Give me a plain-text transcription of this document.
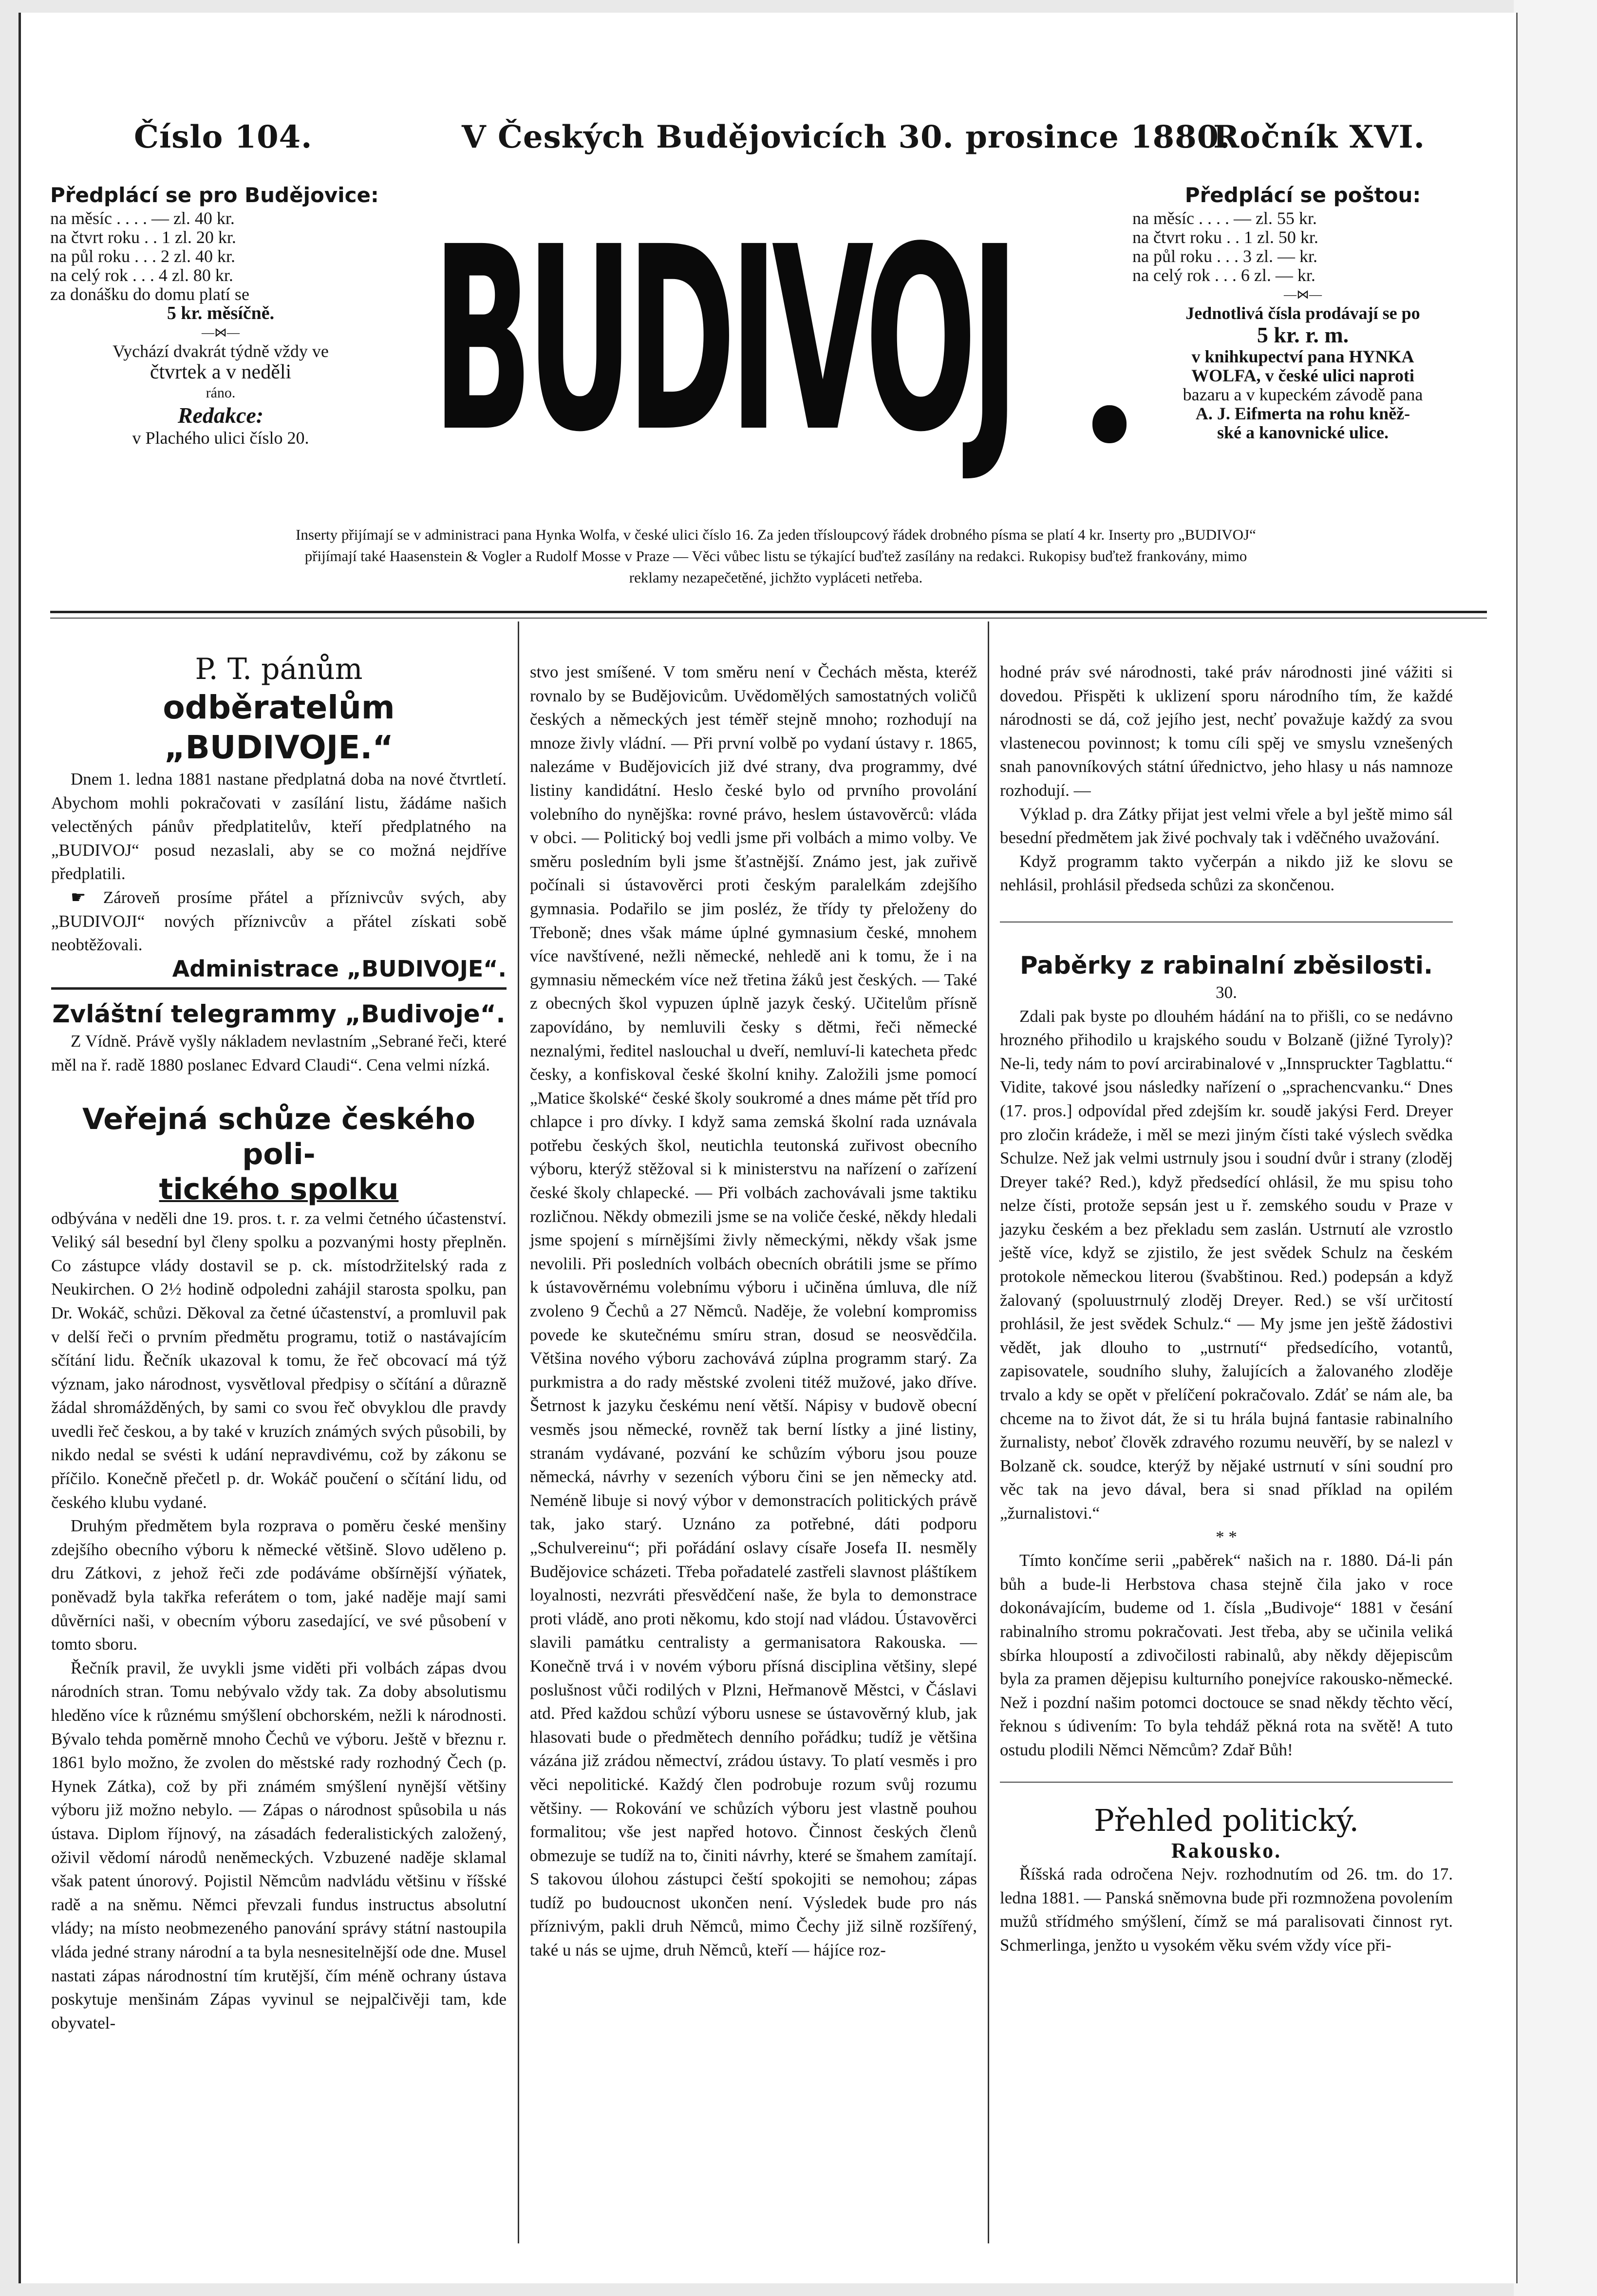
Číslo 104.	V Českých Budějovicích 30. prosince 1880.
Ročník XVI.
Předplácí se pro Budějovice:

na měsíc . . . . — zl. 40 kr.

na čtvrt roku . . 1 zl. 20 kr.

na půl roku . . . 2 zl. 40 kr.

na celý rok . . . 4 zl. 80 kr.

za donášku do domu platí se

5 kr. měsíčně.

—⋈—

Vychází dvakrát týdně vždy ve

čtvrtek a v neděli

ráno.

Redakce:

v Plachého ulici číslo 20. BUDIVOJ	Předplácí se poštou:

na měsíc . . . . — zl. 55 kr.

na čtvrt roku . . 1 zl. 50 kr.

na půl roku . . . 3 zl. — kr.

na celý rok . . . 6 zl. — kr.

—⋈—

Jednotlivá čísla prodávají se po

5 kr. r. m.

v knihkupectví pana HYNKA

WOLFA, v české ulici naproti

bazaru a v kupeckém závodě pana

A. J. Eifmerta na rohu kněž-

ské a kanovnické ulice.

Inserty přijímají se v administraci pana Hynka Wolfa, v české ulici číslo 16. Za jeden třísloupcový řádek drobného písma se platí 4 kr. Inserty pro „BUDIVOJ“
přijímají také Haasenstein & Vogler a Rudolf Mosse v Praze — Věci vůbec listu se týkající buďtež zasílány na redakci. Rukopisy buďtež frankovány, mimo
reklamy nezapečetěné, jichžto vypláceti netřeba.

P. T. pánům

odběratelům „BUDIVOJE.“

Dnem 1. ledna 1881 nastane předplatná doba na nové čtvrtletí. Abychom mohli pokračovati v zasílání listu, žádáme našich velectěných pánův předplatitelův, kteří předplatného na „BUDIVOJ“ posud nezaslali, aby se co možná nejdříve předplatili.

☛ Zároveň prosíme přátel a příznivcův svých, aby „BUDIVOJI“ nových příznivcův a přátel získati sobě neobtěžovali.

Administrace „BUDIVOJE“.

Zvláštní telegrammy „Budivoje“.

Z Vídně. Právě vyšly nákladem nevlastním „Sebrané řeči, které měl na ř. radě 1880 poslanec Edvard Claudi“. Cena velmi nízká.

Veřejná schůze českého poli-

tického spolku

odbývána v neděli dne 19. pros. t. r. za velmi četného účastenství. Veliký sál besední byl členy spolku a pozvanými hosty přeplněn. Co zástupce vlády dostavil se p. ck. místodržitelský rada z Neukirchen. O 2½ hodině odpoledni zahájil starosta spolku, pan Dr. Wokáč, schůzi. Děkoval za četné účastenství, a promluvil pak v delší řeči o prvním předmětu programu, totiž o nastávajícím sčítání lidu. Řečník ukazoval k tomu, že řeč obcovací má týž význam, jako národnost, vysvětloval předpisy o sčítání a důrazně žádal shromážděných, by sami co svou řeč obvyklou dle pravdy uvedli řeč českou, a by také v kruzích známých svých působili, by nikdo nedal se svésti k udání nepravdivému, což by zákonu se příčilo. Konečně přečetl p. dr. Wokáč poučení o sčítání lidu, od českého klubu vydané.

Druhým předmětem byla rozprava o poměru české menšiny zdejšího obecního výboru k německé většině. Slovo uděleno p. dru Zátkovi, z jehož řeči zde podáváme obšírnější výňatek, poněvadž byla takřka referátem o tom, jaké naděje mají sami důvěrníci naši, v obecním výboru zasedající, ve své působení v tomto sboru.

Řečník pravil, že uvykli jsme viděti při volbách zápas dvou národních stran. Tomu nebývalo vždy tak. Za doby absolutismu hleděno více k různému smýšlení obchorském, nežli k národnosti. Bývalo tehda poměrně mnoho Čechů ve výboru. Ještě v březnu r. 1861 bylo možno, že zvolen do městské rady rozhodný Čech (p. Hynek Zátka), což by při známém smýšlení nynější většiny výboru již možno nebylo. — Zápas o národnost spůsobila u nás ústava. Diplom říjnový, na zásadách federalistických založený, oživil vědomí národů neněmeckých. Vzbuzené naděje sklamal však patent únorový. Pojistil Němcům nadvládu většinu v říšské radě a na sněmu. Němci převzali fundus instructus absolutní vlády; na místo neobmezeného panování správy státní nastoupila vláda jedné strany národní a ta byla nesnesitelnější ode dne. Musel nastati zápas národnostní tím krutější, čím méně ochrany ústava poskytuje menšinám Zápas vyvinul se nejpalčivěji tam, kde obyvatel-

stvo jest smíšené. V tom směru není v Čechách města, kteréž rovnalo by se Budějovicům. Uvědomělých samostatných voličů českých a německých jest téměř stejně mnoho; rozhodují na mnoze živly vládní. — Při první volbě po vydaní ústavy r. 1865, nalezáme v Budějovicích již dvé strany, dva programmy, dvé listiny kandidátní. Heslo české bylo od prvního provolání volebního do nynějška: rovné právo, heslem ústavověrců: vláda v obci. — Politický boj vedli jsme při volbách a mimo volby. Ve směru posledním byli jsme šťastnější. Známo jest, jak zuřivě počínali si ústavověrci proti českým paralelkám zdejšího gymnasia. Podařilo se jim posléz, že třídy ty přeloženy do Třeboně; dnes však máme úplné gymnasium české, mnohem více navštívené, nežli německé, nehledě ani k tomu, že i na gymnasiu německém více než třetina žáků jest českých. — Také z obecných škol vypuzen úplně jazyk český. Učitelům přísně zapovídáno, by nemluvili česky s dětmi, řeči německé neznalými, ředitel naslouchal u dveří, nemluví-li katecheta předc česky, a konfiskoval české školní knihy. Založili jsme pomocí „Matice školské“ české školy soukromé a dnes máme pět tříd pro chlapce i pro dívky. I když sama zemská školní rada uznávala potřebu českých škol, neutichla teutonská zuřivost obecního výboru, kterýž stěžoval si k ministerstvu na nařízení o zařízení české školy chlapecké. — Při volbách zachovávali jsme taktiku rozličnou. Někdy obmezili jsme se na voliče české, někdy hledali jsme spojení s mírnějšími živly německými, někdy však jsme nevolili. Při posledních volbách obecních obrátili jsme se přímo k ústavověrnému volebnímu výboru i učiněna úmluva, dle níž zvoleno 9 Čechů a 27 Němců. Naděje, že volební kompromiss povede ke skutečnému smíru stran, dosud se neosvědčila. Většina nového výboru zachovává zúplna programm starý. Za purkmistra a do rady městské zvoleni titéž mužové, jako dříve. Šetrnost k jazyku českému není větší. Nápisy v budově obecní vesměs jsou německé, rovněž tak berní lístky a jiné listiny, stranám vydávané, pozvání ke schůzím výboru jsou pouze německá, návrhy v sezeních výboru čini se jen německy atd. Neméně libuje si nový výbor v demonstracích politických právě tak, jako starý. Uznáno za potřebné, dáti podporu „Schulvereinu“; při pořádání oslavy císaře Josefa II. nesměly Budějovice scházeti. Třeba pořadatelé zastřeli slavnost pláštíkem loyalnosti, nezvráti přesvědčení naše, že byla to demonstrace proti vládě, ano proti někomu, kdo stojí nad vládou. Ústavověrci slavili památku centralisty a germanisatora Rakouska. — Konečně trvá i v novém výboru přísná disciplina většiny, slepé poslušnost vůči rodilých v Plzni, Heřmanově Městci, v Čáslavi atd. Před každou schůzí výboru usnese se ústavověrný klub, jak hlasovati bude o předmětech denního pořádku; tudíž je většina vázána již zrádou němectví, zrádou ústavy. To platí vesměs i pro věci nepolitické. Každý člen podrobuje rozum svůj rozumu většiny. — Rokování ve schůzích výboru jest vlastně pouhou formalitou; vše jest napřed hotovo. Činnost českých členů obmezuje se tudíž na to, činiti návrhy, které se šmahem zamítají. S takovou úlohou zástupci čeští spokojiti se nemohou; zápas tudíž po budoucnost ukončen není. Výsledek bude pro nás příznivým, pakli druh Němců, mimo Čechy již silně rozšířený, také u nás se ujme, druh Němců, kteří — hájíce roz-

hodné práv své národnosti, také práv národnosti jiné vážiti si dovedou. Přispěti k uklizení sporu národního tím, že každé národnosti se dá, což jejího jest, nechť považuje každý za svou vlastenecou povinnost; k tomu cíli spěj ve smyslu vznešených snah panovníkových státní úřednictvo, jeho hlasy u nás namnoze rozhodují. —

Výklad p. dra Zátky přijat jest velmi vřele a byl ještě mimo sál besední předmětem jak živé pochvaly tak i vděčného uvažování.

Když programm takto vyčerpán a nikdo již ke slovu se nehlásil, prohlásil předseda schůzi za skončenou.

Paběrky z rabinalní zběsilosti.

30.

Zdali pak byste po dlouhém hádání na to přišli, co se nedávno hrozného přihodilo u krajského soudu v Bolzaně (jižné Tyroly)? Ne-li, tedy nám to poví arcirabinalové v „Innspruckter Tagblattu.“ Vidite, takové jsou následky nařízení o „sprachencvanku.“ Dnes (17. pros.] odpovídal před zdejším kr. soudě jakýsi Ferd. Dreyer pro zločin krádeže, i měl se mezi jiným čísti také výslech svědka Schulze. Než jak velmi ustrnuly jsou i soudní dvůr i strany (zloděj Dreyer také? Red.), když předsedící ohlásil, že mu spisu toho nelze čísti, protože sepsán jest u ř. zemského soudu v Praze v jazyku českém a bez překladu sem zaslán. Ustrnutí ale vzrostlo ještě více, když se zjistilo, že jest svědek Schulz na českém protokole německou literou (švabštinou. Red.) podepsán a když žalovaný (spoluustrnulý zloděj Dreyer. Red.) se vší určitostí prohlásil, že jest svědek Schulz.“ — My jsme jen ještě žádostivi vědět, jak dlouho to „ustrnutí“ předsedícího, votantů, zapisovatele, soudního sluhy, žalujících a žalovaného zloděje trvalo a kdy se opět v přelíčení pokračovalo. Zdáť se nám ale, ba chceme na to život dát, že si tu hrála bujná fantasie rabinalního žurnalisty, neboť člověk zdravého rozumu neuvěří, by se nalezl v Bolzaně ck. soudce, kterýž by nějaké ustrnutí v síni soudní pro věc tak na jevo dával, bera si snad příklad na opilém „žurnalistovi.“

* *

Tímto končíme serii „paběrek“ našich na r. 1880. Dá-li pán bůh a bude-li Herbstova chasa stejně čila jako v roce dokonávajícím, budeme od 1. čísla „Budivoje“ 1881 v česání rabinalního stromu pokračovati. Jest třeba, aby se učinila veliká sbírka hloupostí a zdivočilosti rabinalů, aby někdy dějepiscům byla za pramen dějepisu kulturního ponejvíce rakousko-německé. Než i pozdní našim potomci doctouce se snad někdy těchto věcí, řeknou s údivením: To byla tehdáž pěkná rota na světě! A tuto ostudu plodili Němci Němcům? Zdař Bůh!

Přehled politický.

Rakousko.

Říšská rada odročena Nejv. rozhodnutím od 26. tm. do 17. ledna 1881. — Panská sněmovna bude při rozmnožena povolením mužů střídmého smýšlení, čímž se má paralisovati činnost ryt. Schmerlinga, jenžto u vysokém věku svém vždy více při-
